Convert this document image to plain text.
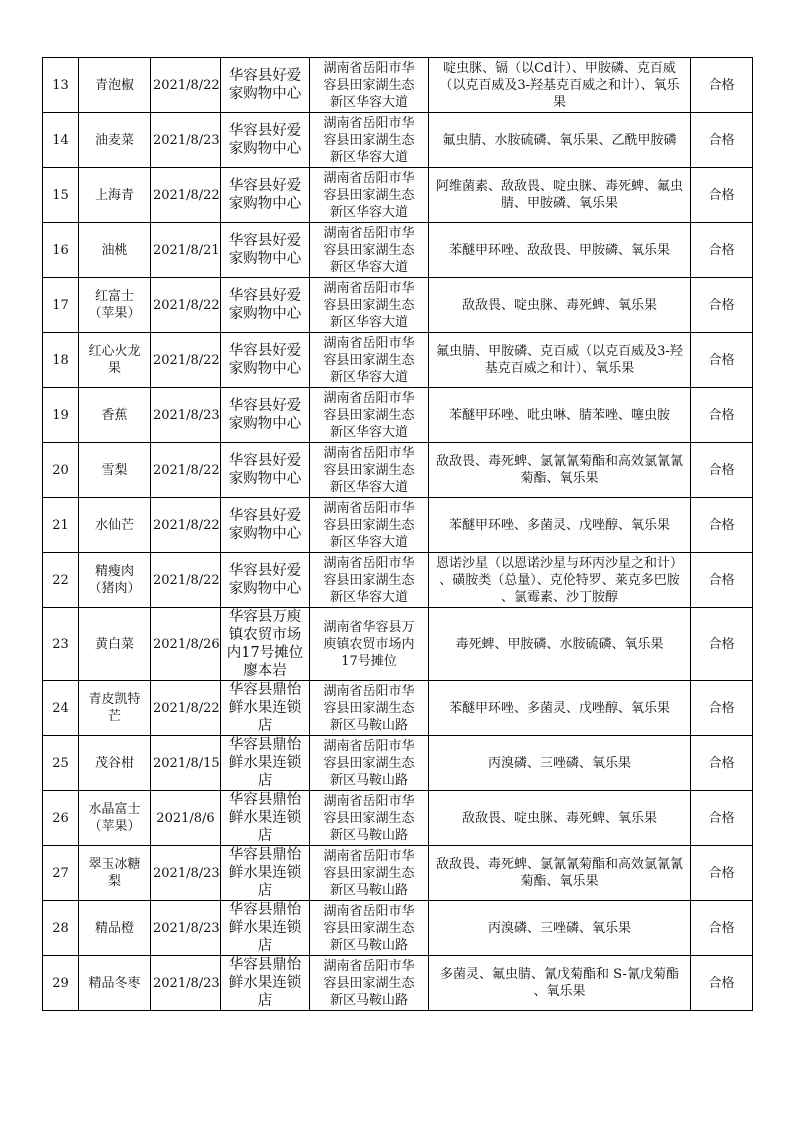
13	青泡椒	2021/8/22	华容县好爱
家购物中心	湖南省岳阳市华
容县田家湖生态
新区华容大道	啶虫脒、镉（以Cd计）、甲胺磷、克百威
（以克百威及3-羟基克百威之和计）、氧乐
果	合格
14	油麦菜	2021/8/23	华容县好爱
家购物中心	湖南省岳阳市华
容县田家湖生态
新区华容大道	氟虫腈、水胺硫磷、氧乐果、乙酰甲胺磷	合格
15	上海青	2021/8/22	华容县好爱
家购物中心	湖南省岳阳市华
容县田家湖生态
新区华容大道	阿维菌素、敌敌畏、啶虫脒、毒死蜱、氟虫
腈、甲胺磷、氧乐果	合格
16	油桃	2021/8/21	华容县好爱
家购物中心	湖南省岳阳市华
容县田家湖生态
新区华容大道	苯醚甲环唑、敌敌畏、甲胺磷、氧乐果	合格
17	红富士
（苹果）	2021/8/22	华容县好爱
家购物中心	湖南省岳阳市华
容县田家湖生态
新区华容大道	敌敌畏、啶虫脒、毒死蜱、氧乐果	合格
18	红心火龙
果	2021/8/22	华容县好爱
家购物中心	湖南省岳阳市华
容县田家湖生态
新区华容大道	氟虫腈、甲胺磷、克百威（以克百威及3-羟
基克百威之和计）、氧乐果	合格
19	香蕉	2021/8/23	华容县好爱
家购物中心	湖南省岳阳市华
容县田家湖生态
新区华容大道	苯醚甲环唑、吡虫啉、腈苯唑、噻虫胺	合格
20	雪梨	2021/8/22	华容县好爱
家购物中心	湖南省岳阳市华
容县田家湖生态
新区华容大道	敌敌畏、毒死蜱、氯氰氰菊酯和高效氯氰氰
菊酯、氧乐果	合格
21	水仙芒	2021/8/22	华容县好爱
家购物中心	湖南省岳阳市华
容县田家湖生态
新区华容大道	苯醚甲环唑、多菌灵、戊唑醇、氧乐果	合格
22	精瘦肉
（猪肉）	2021/8/22	华容县好爱
家购物中心	湖南省岳阳市华
容县田家湖生态
新区华容大道	恩诺沙星（以恩诺沙星与环丙沙星之和计）
、磺胺类（总量）、克伦特罗、莱克多巴胺
、氯霉素、沙丁胺醇	合格
23	黄白菜	2021/8/26	华容县万庾
镇农贸市场
内17号摊位
廖本岩	湖南省华容县万
庾镇农贸市场内
17号摊位	毒死蜱、甲胺磷、水胺硫磷、氧乐果	合格
24	青皮凯特
芒	2021/8/22	华容县鼎怡
鲜水果连锁
店	湖南省岳阳市华
容县田家湖生态
新区马鞍山路	苯醚甲环唑、多菌灵、戊唑醇、氧乐果	合格
25	茂谷柑	2021/8/15	华容县鼎怡
鲜水果连锁
店	湖南省岳阳市华
容县田家湖生态
新区马鞍山路	丙溴磷、三唑磷、氧乐果	合格
26	水晶富士
（苹果）	2021/8/6	华容县鼎怡
鲜水果连锁
店	湖南省岳阳市华
容县田家湖生态
新区马鞍山路	敌敌畏、啶虫脒、毒死蜱、氧乐果	合格
27	翠玉冰糖
梨	2021/8/23	华容县鼎怡
鲜水果连锁
店	湖南省岳阳市华
容县田家湖生态
新区马鞍山路	敌敌畏、毒死蜱、氯氰氰菊酯和高效氯氰氰
菊酯、氧乐果	合格
28	精品橙	2021/8/23	华容县鼎怡
鲜水果连锁
店	湖南省岳阳市华
容县田家湖生态
新区马鞍山路	丙溴磷、三唑磷、氧乐果	合格
29	精品冬枣	2021/8/23	华容县鼎怡
鲜水果连锁
店	湖南省岳阳市华
容县田家湖生态
新区马鞍山路	多菌灵、氟虫腈、氰戊菊酯和 S-氰戊菊酯
、氧乐果	合格
